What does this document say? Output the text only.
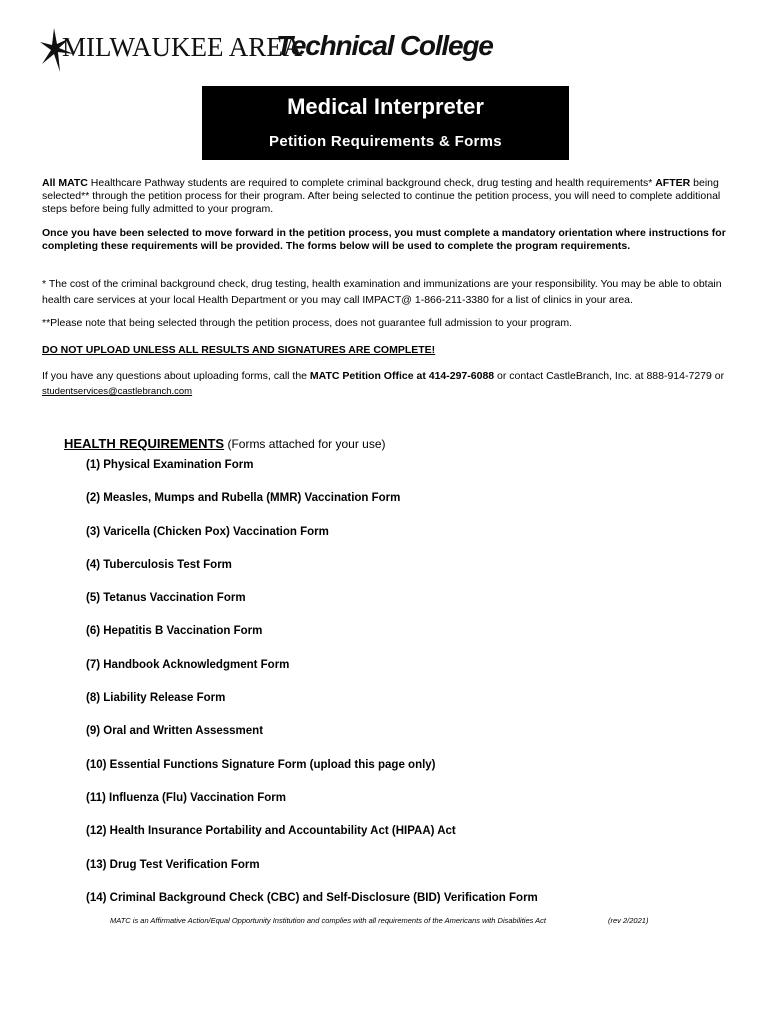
MILWAUKEE AREA
Technical College
Medical Interpreter
Petition Requirements & Forms
All MATC Healthcare Pathway students are required to complete criminal background check, drug testing and health requirements* AFTER being selected** through the petition process for their program. After being selected to continue the petition process, you will need to complete additional steps before being fully admitted to your program.
Once you have been selected to move forward in the petition process, you must complete a mandatory orientation where instructions for completing these requirements will be provided. The forms below will be used to complete the program requirements.
* The cost of the criminal background check, drug testing, health examination and immunizations are your responsibility. You may be able to obtain health care services at your local Health Department or you may call IMPACT@ 1-866-211-3380 for a list of clinics in your area.
**Please note that being selected through the petition process, does not guarantee full admission to your program.
DO NOT UPLOAD UNLESS ALL RESULTS AND SIGNATURES ARE COMPLETE!
If you have any questions about uploading forms, call the MATC Petition Office at 414-297-6088 or contact CastleBranch, Inc. at 888-914-7279 or studentservices@castlebranch.com
HEALTH REQUIREMENTS (Forms attached for your use)
(1) Physical Examination Form
(2) Measles, Mumps and Rubella (MMR) Vaccination Form
(3) Varicella (Chicken Pox) Vaccination Form
(4) Tuberculosis Test Form
(5) Tetanus Vaccination Form
(6) Hepatitis B Vaccination Form
(7) Handbook Acknowledgment Form
(8) Liability Release Form
(9) Oral and Written Assessment
(10) Essential Functions Signature Form (upload this page only)
(11) Influenza (Flu) Vaccination Form
(12) Health Insurance Portability and Accountability Act (HIPAA) Act
(13) Drug Test Verification Form
(14) Criminal Background Check (CBC) and Self-Disclosure (BID) Verification Form
MATC is an Affirmative Action/Equal Opportunity Institution and complies with all requirements of the Americans with Disabilities Act	(rev 2/2021)
